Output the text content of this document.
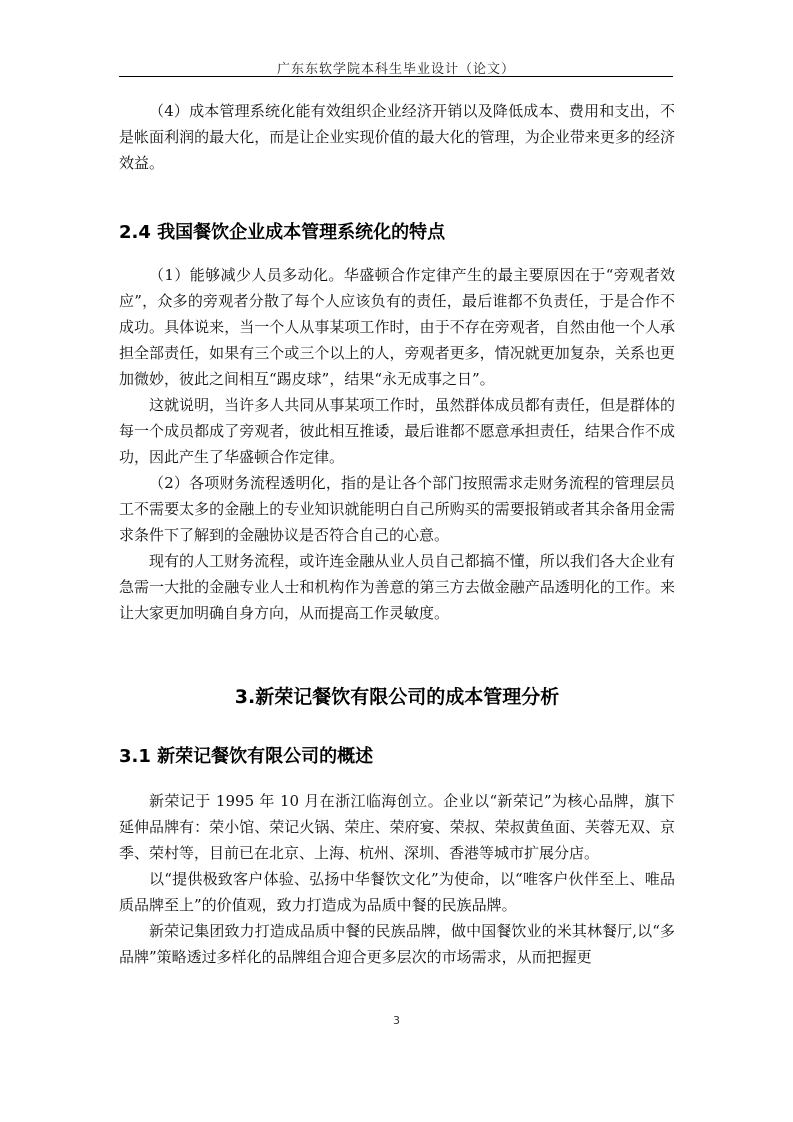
广东东软学院本科生毕业设计（论文）

（4）成本管理系统化能有效组织企业经济开销以及降低成本、费用和支出，不是帐面利润的最大化，而是让企业实现价值的最大化的管理，为企业带来更多的经济效益。

2.4 我国餐饮企业成本管理系统化的特点

（1）能够减少人员多动化。华盛顿合作定律产生的最主要原因在于“旁观者效应”，众多的旁观者分散了每个人应该负有的责任，最后谁都不负责任，于是合作不成功。具体说来，当一个人从事某项工作时，由于不存在旁观者，自然由他一个人承担全部责任，如果有三个或三个以上的人，旁观者更多，情况就更加复杂，关系也更加微妙，彼此之间相互“踢皮球”，结果“永无成事之日”。

这就说明，当许多人共同从事某项工作时，虽然群体成员都有责任，但是群体的每一个成员都成了旁观者，彼此相互推诿，最后谁都不愿意承担责任，结果合作不成功，因此产生了华盛顿合作定律。

（2）各项财务流程透明化，指的是让各个部门按照需求走财务流程的管理层员工不需要太多的金融上的专业知识就能明白自己所购买的需要报销或者其余备用金需求条件下了解到的金融协议是否符合自己的心意。

现有的人工财务流程，或许连金融从业人员自己都搞不懂，所以我们各大企业有急需一大批的金融专业人士和机构作为善意的第三方去做金融产品透明化的工作。来让大家更加明确自身方向，从而提高工作灵敏度。

3.新荣记餐饮有限公司的成本管理分析
3.1 新荣记餐饮有限公司的概述

新荣记于 1995 年 10 月在浙江临海创立。企业以“新荣记”为核心品牌，旗下延伸品牌有：荣小馆、荣记火锅、荣庄、荣府宴、荣叔、荣叔黄鱼面、芙蓉无双、京季、荣村等，目前已在北京、上海、杭州、深圳、香港等城市扩展分店。

以“提供极致客户体验、弘扬中华餐饮文化”为使命，以“唯客户伙伴至上、唯品质品牌至上”的价值观，致力打造成为品质中餐的民族品牌。

新荣记集团致力打造成品质中餐的民族品牌，做中国餐饮业的米其林餐厅,以“多品牌”策略透过多样化的品牌组合迎合更多层次的市场需求，从而把握更

3
